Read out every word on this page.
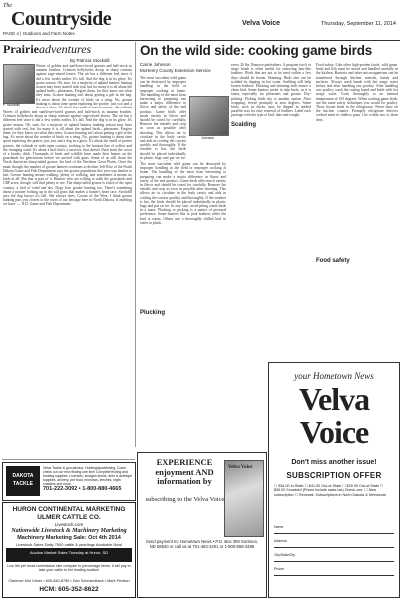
The
Countryside	Velva Voice	Thursday, September 11, 2014
PAGE 4 | Outdoors and Farm Notes
Prairieadventures
By Patricia Stockdill
P. Stockdill
Waves of golden and sunflower-faced grasses and half-stock as autumn brushes. Crimson hollyhocks droop in sharp contrast against sage-rinsed leaves. The air has a different feel since it did a few weeks earlier. It's fall. And the dog is in its glory. It's goose season. Oh, sure, for a majority of upland hunters hunting season may have started with teal, but for many it is all about the upland birds—pheasants. Forgive them, for they know not what they miss. Grouse hunting isn't about getting a gift in the bag. It's more about the wonder of birds on a wing. No, grouse hunting is about time spent exploring the prairie, just you and a
Waves of golden and sunflower-faced grasses and half-stock as autumn brushes. Crimson hollyhocks droop in sharp contrast against sage-rinsed leaves. The air has a different feel since it did a few weeks earlier. It's fall. And the dog is in its glory. It's goose season. Oh, sure, for a majority of upland hunters hunting season may have started with teal, but for many it is all about the upland birds—pheasants. Forgive them, for they know not what they miss. Grouse hunting isn't about getting a gift in the bag. It's more about the wonder of birds on a wing. No, grouse hunting is about time spent exploring the prairie, just you and a dog in a glory. It's about the smell of prairie grasses, the solitude of wide open country, working to the horizon line of yellow and the changing wind. It's about a bird that's a survivor, that doesn't flush from the cover of a brushy ditch. Thousands of birds and wildlife have made their homes on the grasslands for generations before we arrived with guns. Some of us still chase the North American sharp-tailed grouse, the bird of the Northern Great Plains. Once the main, though, the number of grouse hunters continues to decline. Jeff Rice of the North Dakota Game and Fish Department says the grouse population this year was similar to last. Grouse hunting means walking, plenty of walking, and sometimes it means no birds at all. But that is part of it. Hunters who are willing to walk the grasslands and CRP acres, though, will find plenty to see. The sharp-tailed grouse is a bird of the open country, a bird of wind and sky. Dogs love grouse hunting too. There's something about a pointer locking up in the tall grass that makes a hunter's heart race. Stockdill says the dog knows it's fall. She always does. Grouse of the West: I think grouse hunting puts you closest to the roots of our heritage here in North Dakota, if anything we have. — N.D. Game and Fish Department.
On the wild side: cooking game birds
Carrie Johnson
McHenry County Extension Service
The most succulent wild game can be destroyed by improper handling in the field or improper cooking at home. The handling of the meat from harvesting to preparing can make a major difference in flavor and safety of the end product. Game birds offer much variety in flavor and should be cared for carefully. Remove the entrails and crop as soon as possible after shooting. This allows air to circulate in the body cavity and aids in cooling the carcass quickly and thoroughly. If the weather is hot, the birds should be placed individually in plastic bags and put on ice.
Johnson
The most succulent wild game can be destroyed by improper handling in the field or improper cooking at home. The handling of the meat from harvesting to preparing can make a major difference in flavor and safety of the end product. Game birds offer much variety in flavor and should be cared for carefully. Remove the entrails and crop as soon as possible after shooting. This allows air to circulate in the body cavity and aids in cooling the carcass quickly and thoroughly. If the weather is hot, the birds should be placed individually in plastic bags and put on ice. In any case, avoid piling warm birds in a mass. Plucking or picking is a matter of personal preference. Some hunters like to pick feathers while the bird is warm. Others use a thoroughly chilled bird in water to pluck.
Plucking
every 20 lbs. Remove pinfeathers. A propane torch or singe brush is often useful for removing hair-like feathers. Birds that are not to be used within a few days should be frozen. Skinning: Birds also can be scalded by dipping in hot water. Scalding will help loosen feathers. Plucking and skinning both ensure a clean bird. Some hunters prefer to skin birds, as it is faster, especially for pheasants and grouse. Dry-picking: Picking birds dry is another option. After wrapping, freeze promptly at zero degrees. Some birds, such as ducks, may be dipped in melted paraffin wax for easy removal of feathers. Label each package with the type of bird, date and weight.
Scalding
Food safety: Like other high-protein foods, wild game, birds and fish must be stored and handled carefully in the kitchen. Bacteria and other microorganisms can be transferred through kitchen utensils, hands and surfaces. Always wash hands with hot soapy water before and after handling raw poultry. After handling raw poultry, wash the cutting board and knife with hot soapy water. Cook thoroughly to an internal temperature of 165 degrees. When cooking game birds, use the same safety techniques you would for poultry. Thaw frozen birds in the refrigerator. Never thaw on the kitchen counter. Promptly refrigerate leftover cooked meat in shallow pans. Use within two to three days.
Food safety
DAKOTA
TACKLE
Velva Tackle & gun advisor. Hunting/sportfishing. Come check out our new fishing lure line! Complete fishing and hunting supplies. Licenses, shotgun shells, deer & antelope supplies, archery, pet food, minnows, leeches, night crawlers and more.
701-222-3092 • 1-800-880-4665
HURON CONTINENTAL MARKETING
ULMER CATTLE CO.
Livestock.com
Nationwide Livestock & Machinery Marketing
Machinery Marketing Sale: Oct 4th 2014
Livestock Sales Daily 7500 cattle & yearlings Available Now!
Auction Market Sales Tuesday at Huron, SD
Low 5th per head commission rate compare to percentage items. It will pay to take your cattle to the leading auction!
Clarence Kim Ulmer • 605-840-8789 • Dan Schmiedback • Mark Preston
HCM: 605-352-8622
EXPERIENCE enjoyment AND information by
subscribing to the Velva Voice
Velva Voice
Send payment to: Hometown News • P.O. Box 309 Garrison, ND 58540 or call us at 701-463-2201 or 1-800-658-3485
your Hometown News
Velva
Voice
Don't miss another issue!
SUBSCRIPTION OFFER
☐ $34.00 In-State ☐ $41.00 Out-of-State ☐ $39.00 Out-of-State ☐ $36.00 Snowbird (Prices include sales tax) Check one: ☐ New subscription ☐ Renewal. Subscriptions in North Dakota & Minnesota
Name
Address
City/State/Zip
Phone
